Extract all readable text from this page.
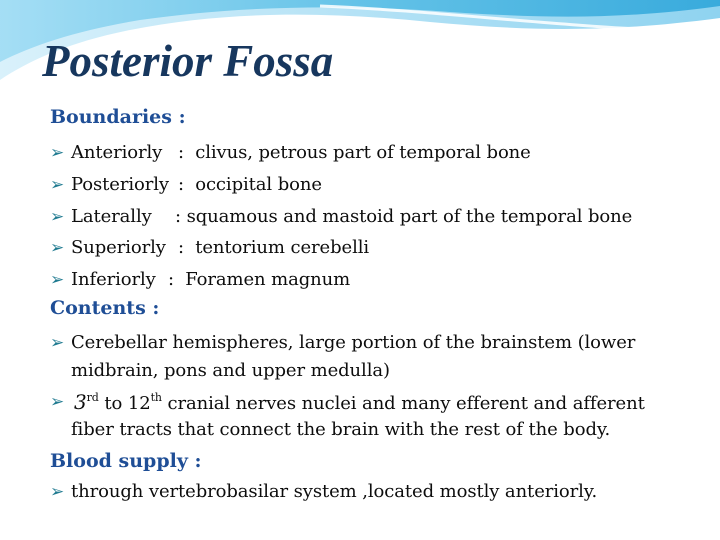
Posterior Fossa
Boundaries :
➢ Anteriorly : clivus, petrous part of temporal bone
➢ Posteriorly : occipital bone
➢ Laterally : squamous and mastoid part of the temporal bone
➢ Superiorly : tentorium cerebelli
➢ Inferiorly : Foramen magnum
Contents :
➢ Cerebellar hemispheres, large portion of the brainstem (lower
midbrain, pons and upper medulla)
➢ 3rd to 12th cranial nerves nuclei and many efferent and afferent
fiber tracts that connect the brain with the rest of the body.
Blood supply :
➢ through vertebrobasilar system ,located mostly anteriorly.
